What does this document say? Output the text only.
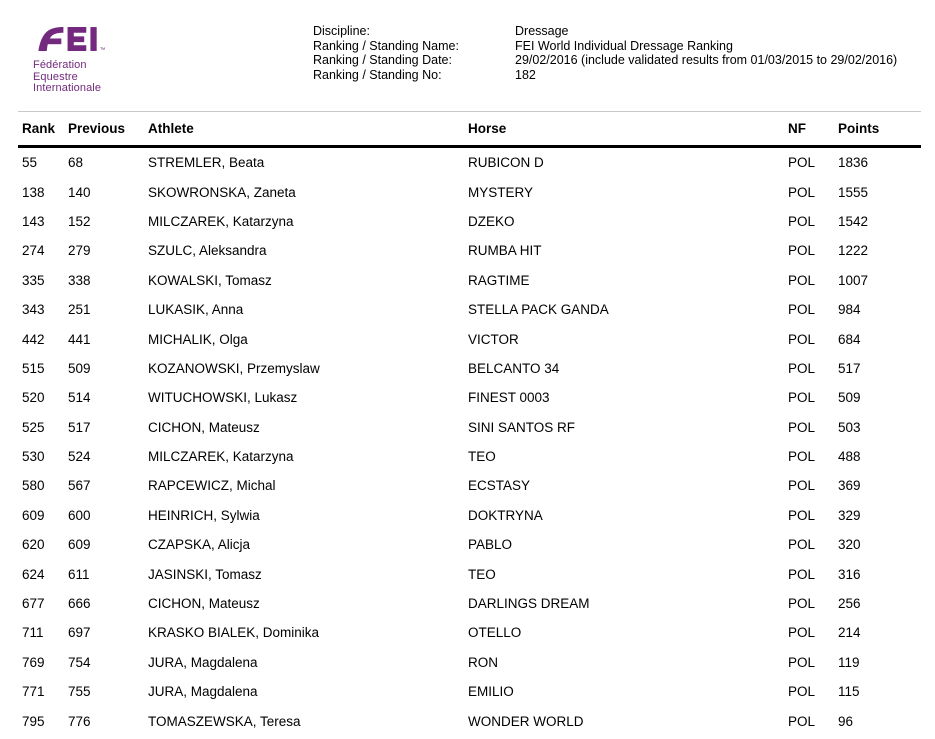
™
Fédération
Equestre
Internationale
Discipline:	Dressage
Ranking / Standing Name:	FEI World Individual Dressage Ranking
Ranking / Standing Date:	29/02/2016 (include validated results from 01/03/2015 to 29/02/2016)
Ranking / Standing No:	182
Rank	Previous	Athlete	Horse	NF	Points
55	68	STREMLER, Beata	RUBICON D	POL	1836
138	140	SKOWRONSKA, Zaneta	MYSTERY	POL	1555
143	152	MILCZAREK, Katarzyna	DZEKO	POL	1542
274	279	SZULC, Aleksandra	RUMBA HIT	POL	1222
335	338	KOWALSKI, Tomasz	RAGTIME	POL	1007
343	251	LUKASIK, Anna	STELLA PACK GANDA	POL	984
442	441	MICHALIK, Olga	VICTOR	POL	684
515	509	KOZANOWSKI, Przemyslaw	BELCANTO 34	POL	517
520	514	WITUCHOWSKI, Lukasz	FINEST 0003	POL	509
525	517	CICHON, Mateusz	SINI SANTOS RF	POL	503
530	524	MILCZAREK, Katarzyna	TEO	POL	488
580	567	RAPCEWICZ, Michal	ECSTASY	POL	369
609	600	HEINRICH, Sylwia	DOKTRYNA	POL	329
620	609	CZAPSKA, Alicja	PABLO	POL	320
624	611	JASINSKI, Tomasz	TEO	POL	316
677	666	CICHON, Mateusz	DARLINGS DREAM	POL	256
711	697	KRASKO BIALEK, Dominika	OTELLO	POL	214
769	754	JURA, Magdalena	RON	POL	119
771	755	JURA, Magdalena	EMILIO	POL	115
795	776	TOMASZEWSKA, Teresa	WONDER WORLD	POL	96
